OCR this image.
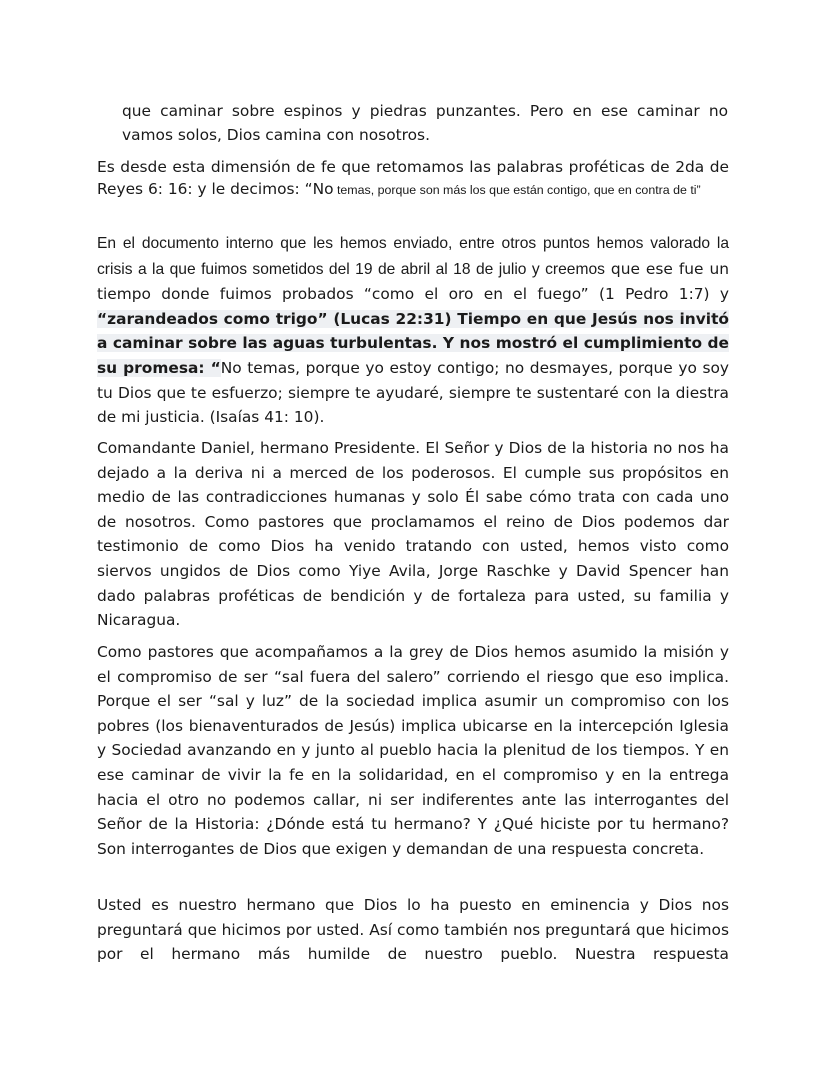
que caminar sobre espinos y piedras punzantes. Pero en ese caminar no
vamos solos, Dios camina con nosotros.

Es desde esta dimensión de fe que retomamos las palabras proféticas de 2da de Reyes 6: 16: y le decimos: “No temas, porque son más los que están contigo, que en contra de ti”

En el documento interno que les hemos enviado, entre otros puntos hemos valorado la crisis a la que fuimos sometidos del 19 de abril al 18 de julio y creemos que ese fue un tiempo donde fuimos probados “como el oro en el fuego” (1 Pedro 1:7) y “zarandeados como trigo” (Lucas 22:31) Tiempo en que Jesús nos invitó a caminar sobre las aguas turbulentas. Y nos mostró el cumplimiento de su promesa: “No temas, porque yo estoy contigo; no desmayes, porque yo soy tu Dios que te esfuerzo; siempre te ayudaré, siempre te sustentaré con la diestra de mi justicia. (Isaías 41: 10).

Comandante Daniel, hermano Presidente. El Señor y Dios de la historia no nos ha dejado a la deriva ni a merced de los poderosos. El cumple sus propósitos en medio de las contradicciones humanas y solo Él sabe cómo trata con cada uno de nosotros. Como pastores que proclamamos el reino de Dios podemos dar testimonio de como Dios ha venido tratando con usted, hemos visto como siervos ungidos de Dios como Yiye Avila, Jorge Raschke y David Spencer han dado palabras proféticas de bendición y de fortaleza para usted, su familia y Nicaragua.

Como pastores que acompañamos a la grey de Dios hemos asumido la misión y el compromiso de ser “sal fuera del salero” corriendo el riesgo que eso implica. Porque el ser “sal y luz” de la sociedad implica asumir un compromiso con los pobres (los bienaventurados de Jesús) implica ubicarse en la intercepción Iglesia y Sociedad avanzando en y junto al pueblo hacia la plenitud de los tiempos. Y en ese caminar de vivir la fe en la solidaridad, en el compromiso y en la entrega hacia el otro no podemos callar, ni ser indiferentes ante las interrogantes del Señor de la Historia: ¿Dónde está tu hermano? Y ¿Qué hiciste por tu hermano? Son interrogantes de Dios que exigen y demandan de una respuesta concreta.

Usted es nuestro hermano que Dios lo ha puesto en eminencia y Dios nos preguntará que hicimos por usted. Así como también nos preguntará que hicimos por el hermano más humilde de nuestro pueblo. Nuestra respuesta
